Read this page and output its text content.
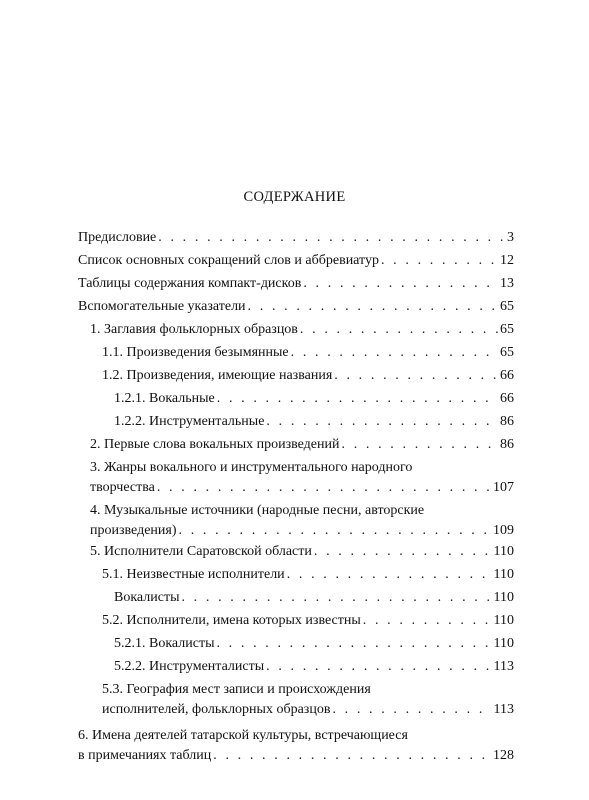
СОДЕРЖАНИЕ
Предисловие . . .	3
Список основных сокращений слов и аббревиатур . . .	12
Таблицы содержания компакт-дисков . . .	13
Вспомогательные указатели . . .	65
1. Заглавия фольклорных образцов . . .	65
1.1. Произведения безымянные . . .	65
1.2. Произведения, имеющие названия . . .	66
1.2.1. Вокальные . . .	66
1.2.2. Инструментальные . . .	86
2. Первые слова вокальных произведений . . .	86
3. Жанры вокального и инструментального народного
творчества . . .	107
4. Музыкальные источники (народные песни, авторские
произведения) . . .	109
5. Исполнители Саратовской области . . .	110
5.1. Неизвестные исполнители . . .	110
Вокалисты . . .	110
5.2. Исполнители, имена которых известны . . .	110
5.2.1. Вокалисты . . .	110
5.2.2. Инструменталисты . . .	113
5.3. География мест записи и происхождения
исполнителей, фольклорных образцов . . .	113
6. Имена деятелей татарской культуры, встречающиеся
в примечаниях таблиц . . .	128
